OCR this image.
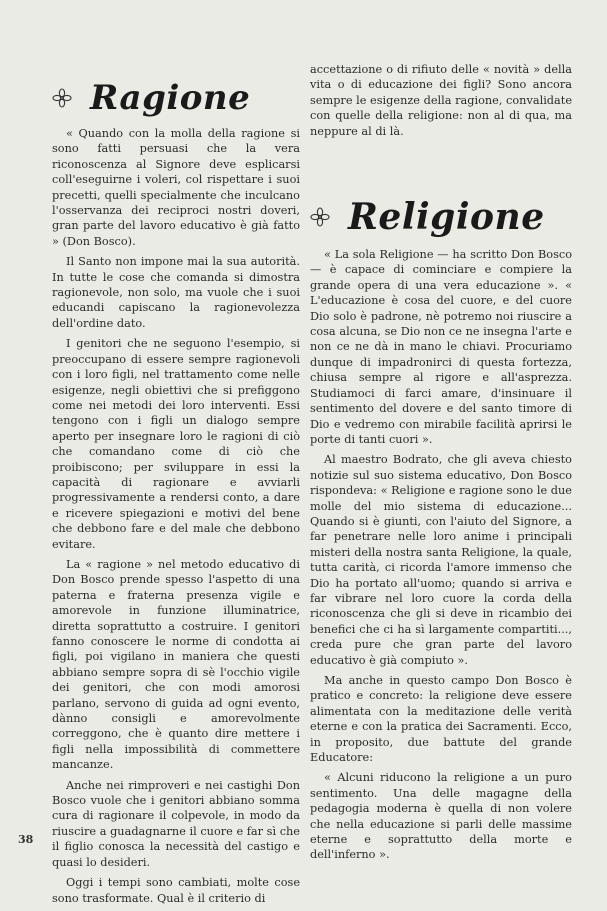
Ragione

« Quando con la molla della ragione si sono fatti persuasi che la vera riconoscenza al Signore deve esplicarsi coll'eseguirne i voleri, col rispettare i suoi precetti, quelli specialmente che inculcano l'osservanza dei reciproci nostri doveri, gran parte del lavoro educativo è già fatto » (Don Bosco).

Il Santo non impone mai la sua autorità. In tutte le cose che comanda si dimostra ragionevole, non solo, ma vuole che i suoi educandi capiscano la ragionevolezza dell'ordine dato.

I genitori che ne seguono l'esempio, si preoccupano di essere sempre ragionevoli con i loro figli, nel trattamento come nelle esigenze, negli obiettivi che si prefiggono come nei metodi dei loro interventi. Essi tengono con i figli un dialogo sempre aperto per insegnare loro le ragioni di ciò che comandano come di ciò che proibiscono; per sviluppare in essi la capacità di ragionare e avviarli progressivamente a rendersi conto, a dare e ricevere spiegazioni e motivi del bene che debbono fare e del male che debbono evitare.

La « ragione » nel metodo educativo di Don Bosco prende spesso l'aspetto di una paterna e fraterna presenza vigile e amorevole in funzione illuminatrice, diretta soprattutto a costruire. I genitori fanno conoscere le norme di condotta ai figli, poi vigilano in maniera che questi abbiano sempre sopra di sè l'occhio vigile dei genitori, che con modi amorosi parlano, servono di guida ad ogni evento, dànno consigli e amorevolmente correggono, che è quanto dire mettere i figli nella impossibilità di commettere mancanze.

Anche nei rimproveri e nei castighi Don Bosco vuole che i genitori abbiano somma cura di ragionare il colpevole, in modo da riuscire a guadagnarne il cuore e far sì che il figlio conosca la necessità del castigo e quasi lo desideri.

Oggi i tempi sono cambiati, molte cose sono trasformate. Qual è il criterio di

accettazione o di rifiuto delle « novità » della vita o di educazione dei figli? Sono ancora sempre le esigenze della ragione, convalidate con quelle della religione: non al di qua, ma neppure al di là.

Religione

« La sola Religione — ha scritto Don Bosco — è capace di cominciare e compiere la grande opera di una vera educazione ». « L'educazione è cosa del cuore, e del cuore Dio solo è padrone, nè potremo noi riuscire a cosa alcuna, se Dio non ce ne insegna l'arte e non ce ne dà in mano le chiavi. Procuriamo dunque di impadronirci di questa fortezza, chiusa sempre al rigore e all'asprezza. Studiamoci di farci amare, d'insinuare il sentimento del dovere e del santo timore di Dio e vedremo con mirabile facilità aprirsi le porte di tanti cuori ».

Al maestro Bodrato, che gli aveva chiesto notizie sul suo sistema educativo, Don Bosco rispondeva: « Religione e ragione sono le due molle del mio sistema di educazione... Quando si è giunti, con l'aiuto del Signore, a far penetrare nelle loro anime i principali misteri della nostra santa Religione, la quale, tutta carità, ci ricorda l'amore immenso che Dio ha portato all'uomo; quando si arriva e far vibrare nel loro cuore la corda della riconoscenza che gli si deve in ricambio dei benefici che ci ha sì largamente compartiti..., creda pure che gran parte del lavoro educativo è già compiuto ».

Ma anche in questo campo Don Bosco è pratico e concreto: la religione deve essere alimentata con la meditazione delle verità eterne e con la pratica dei Sacramenti. Ecco, in proposito, due battute del grande Educatore:

« Alcuni riducono la religione a un puro sentimento. Una delle magagne della pedagogia moderna è quella di non volere che nella educazione si parli delle massime eterne e soprattutto della morte e dell'inferno ».

38
